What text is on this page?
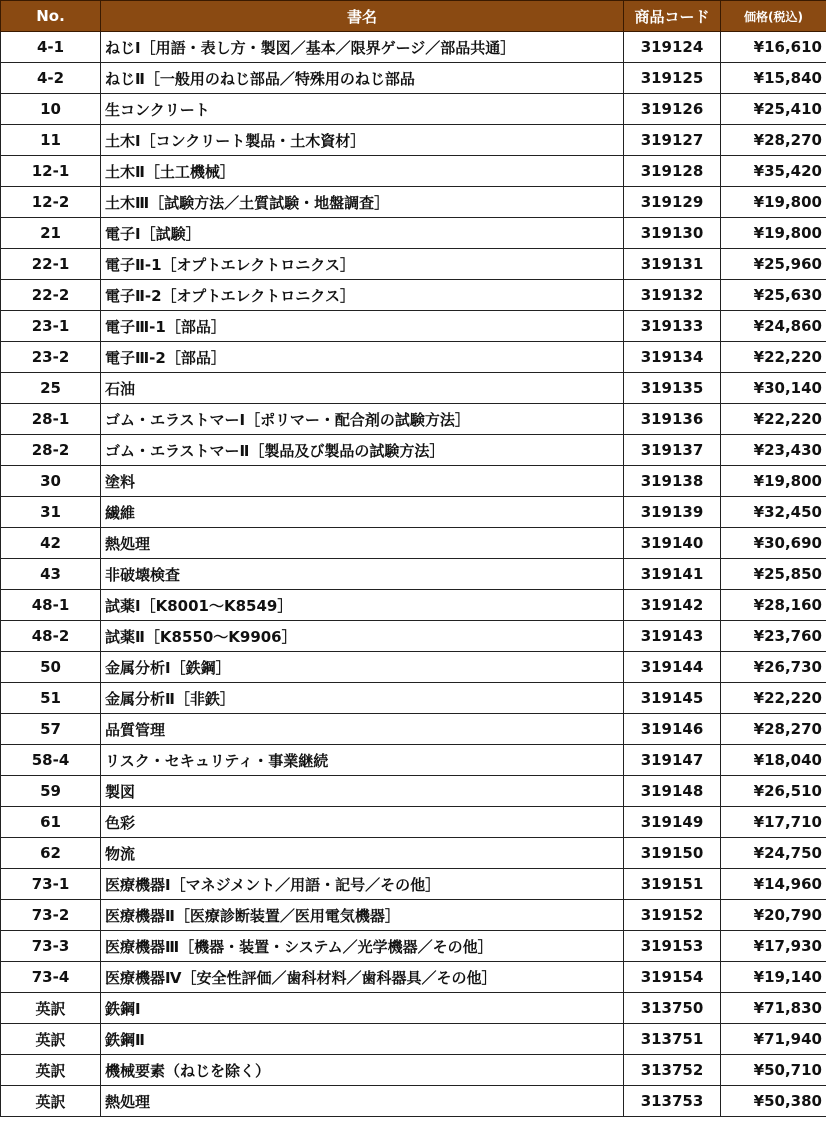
No.	書名	商品コード	価格(税込)
4-1	ねじⅠ［用語・表し方・製図／基本／限界ゲージ／部品共通］	319124	¥16,610
4-2	ねじⅡ［一般用のねじ部品／特殊用のねじ部品	319125	¥15,840
10	生コンクリート	319126	¥25,410
11	土木Ⅰ［コンクリート製品・土木資材］	319127	¥28,270
12-1	土木Ⅱ［土工機械］	319128	¥35,420
12-2	土木Ⅲ［試験方法／土質試験・地盤調査］	319129	¥19,800
21	電子Ⅰ［試験］	319130	¥19,800
22-1	電子Ⅱ-1［オプトエレクトロニクス］	319131	¥25,960
22-2	電子Ⅱ-2［オプトエレクトロニクス］	319132	¥25,630
23-1	電子Ⅲ-1［部品］	319133	¥24,860
23-2	電子Ⅲ-2［部品］	319134	¥22,220
25	石油	319135	¥30,140
28-1	ゴム・エラストマーⅠ［ポリマー・配合剤の試験方法］	319136	¥22,220
28-2	ゴム・エラストマーⅡ［製品及び製品の試験方法］	319137	¥23,430
30	塗料	319138	¥19,800
31	繊維	319139	¥32,450
42	熱処理	319140	¥30,690
43	非破壊検査	319141	¥25,850
48-1	試薬Ⅰ［K8001～K8549］	319142	¥28,160
48-2	試薬Ⅱ［K8550～K9906］	319143	¥23,760
50	金属分析Ⅰ［鉄鋼］	319144	¥26,730
51	金属分析Ⅱ［非鉄］	319145	¥22,220
57	品質管理	319146	¥28,270
58-4	リスク・セキュリティ・事業継続	319147	¥18,040
59	製図	319148	¥26,510
61	色彩	319149	¥17,710
62	物流	319150	¥24,750
73-1	医療機器Ⅰ［マネジメント／用語・記号／その他］	319151	¥14,960
73-2	医療機器Ⅱ［医療診断装置／医用電気機器］	319152	¥20,790
73-3	医療機器Ⅲ［機器・装置・システム／光学機器／その他］	319153	¥17,930
73-4	医療機器Ⅳ［安全性評価／歯科材料／歯科器具／その他］	319154	¥19,140
英訳	鉄鋼Ⅰ	313750	¥71,830
英訳	鉄鋼Ⅱ	313751	¥71,940
英訳	機械要素（ねじを除く）	313752	¥50,710
英訳	熱処理	313753	¥50,380
